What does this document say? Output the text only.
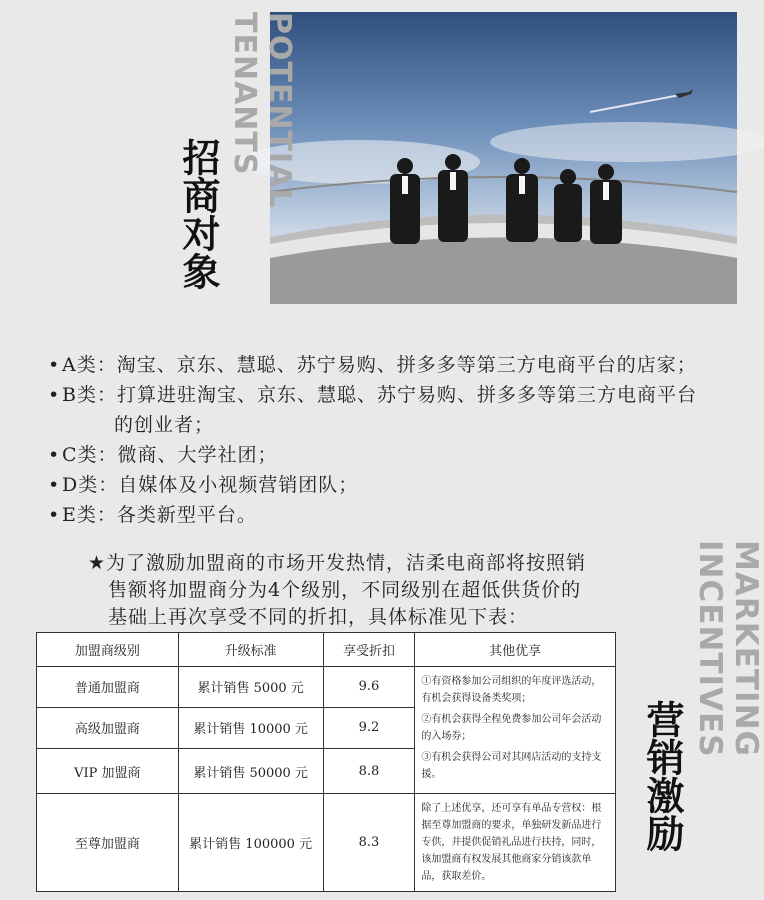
POTENTIAL TENANTS
招商对象
• A类： 淘宝、京东、慧聪、苏宁易购、拼多多等第三方电商平台的店家；
• B类： 打算进驻淘宝、京东、慧聪、苏宁易购、拼多多等第三方电商平台
的创业者；
• C类： 微商、大学社团；
• D类： 自媒体及小视频营销团队；
• E类： 各类新型平台。
★为了激励加盟商的市场开发热情，洁柔电商部将按照销
售额将加盟商分为4个级别，不同级别在超低供货价的
基础上再次享受不同的折扣，具体标准见下表：
加盟商级别	升级标准	享受折扣	其他优享
普通加盟商	累计销售 5000 元	9.6	①有资格参加公司组织的年度评选活动，有机会获得设备类奖项；
②有机会获得全程免费参加公司年会活动的入场券；
③有机会获得公司对其网店活动的支持支援。

高级加盟商	累计销售 10000 元	9.2	
VIP 加盟商	累计销售 50000 元	8.8	
至尊加盟商	累计销售 100000 元	8.3	除了上述优享，还可享有单品专营权：根据至尊加盟商的要求，单独研发新品进行专供，并提供促销礼品进行扶持，同时，该加盟商有权发展其他商家分销该款单品，获取差价。
MARKETING INCENTIVES
营销激励
